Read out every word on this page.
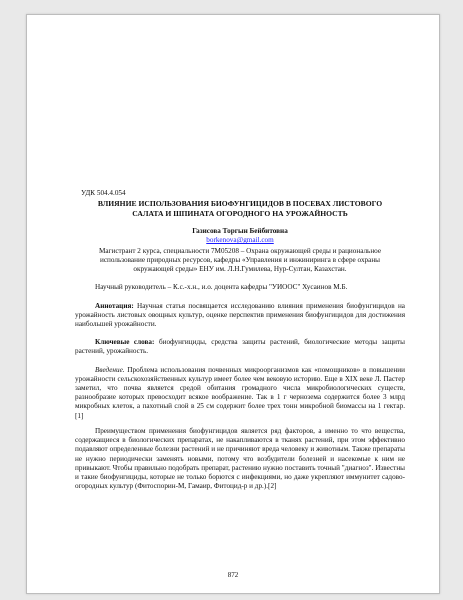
УДК 504.4.054
ВЛИЯНИЕ ИСПОЛЬЗОВАНИЯ БИОФУНГИЦИДОВ В ПОСЕВАХ ЛИСТОВОГО
САЛАТА И ШПИНАТА ОГОРОДНОГО НА УРОЖАЙНОСТЬ
Газисова Торгын Бейбитовна
borkenova@gmail.com
Магистрант 2 курса, специальности 7М05208 – Охрана окружающей среды и рациональное использование природных ресурсов, кафедры «Управления и инжиниринга в сфере охраны окружающей среды» ЕНУ им. Л.Н.Гумилева, Нур-Султан, Казахстан.
Научный руководитель – К.с.-х.н., и.о. доцента кафедры "УИООС" Хусаинов М.Б.
Аннотация: Научная статья посвящается исследованию влияния применения биофунгицидов на урожайность листовых овощных культур, оценке перспектив применения биофунгицидов для достижения наибольшей урожайности.
Ключевые слова: биофунгициды, средства защиты растений, биологические методы защиты растений, урожайность.
Введение. Проблема использования почвенных микроорганизмов как «помощников» в повышении урожайности сельскохозяйственных культур имеет более чем вековую историю. Еще в XIX веке Л. Пастер заметил, что почва является средой обитания громадного числа микробиологических существ, разнообразие которых превосходит всякое воображение. Так в 1 г чернозема содержится более 3 млрд микробных клеток, а пахотный слой в 25 см содержит более трех тонн микробной биомассы на 1 гектар. [1]
Преимуществом применения биофунгицидов является ряд факторов, а именно то что вещества, содержащиеся в биологических препаратах, не накапливаются в тканях растений, при этом эффективно подавляют определенные болезни растений и не причиняют вреда человеку и животным. Также препараты не нужно периодически заменять новыми, потому что возбудители болезней и насекомые к ним не привыкают. Чтобы правильно подобрать препарат, растению нужно поставить точный "диагноз". Известны и такие биофунгициды, которые не только борются с инфекциями, но даже укрепляют иммунитет садово-огородных культур (Фитоспорин-М, Гамаир, Фитоцид-р и др.).[2]
872
